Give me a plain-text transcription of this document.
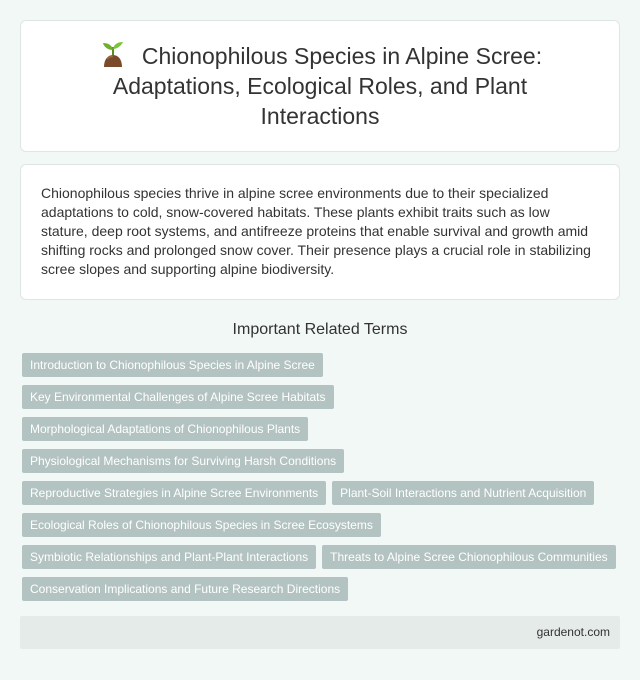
Chionophilous Species in Alpine Scree: Adaptations, Ecological Roles, and Plant Interactions

Chionophilous species thrive in alpine scree environments due to their specialized adaptations to cold, snow-covered habitats. These plants exhibit traits such as low stature, deep root systems, and antifreeze proteins that enable survival and growth amid shifting rocks and prolonged snow cover. Their presence plays a crucial role in stabilizing scree slopes and supporting alpine biodiversity.

Important Related Terms
Introduction to Chionophilous Species in Alpine Scree
Key Environmental Challenges of Alpine Scree Habitats
Morphological Adaptations of Chionophilous Plants
Physiological Mechanisms for Surviving Harsh Conditions
Reproductive Strategies in Alpine Scree Environments	Plant-Soil Interactions and Nutrient Acquisition
Ecological Roles of Chionophilous Species in Scree Ecosystems
Symbiotic Relationships and Plant-Plant Interactions	Threats to Alpine Scree Chionophilous Communities
Conservation Implications and Future Research Directions
gardenot.com
